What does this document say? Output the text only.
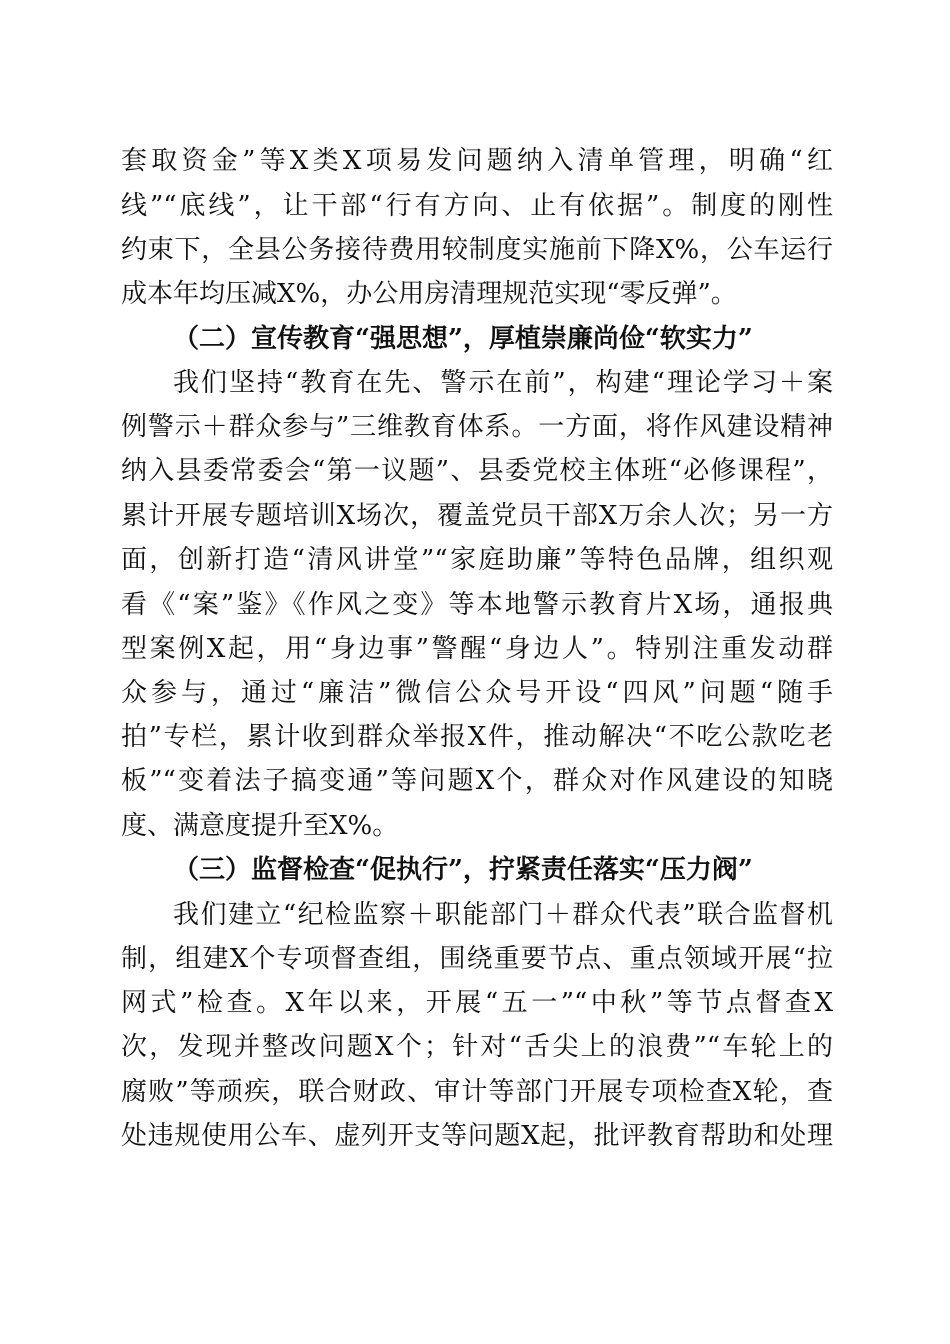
套取资金”等X类X项易发问题纳入清单管理，明确“红
线”“底线”，让干部“行有方向、止有依据”。制度的刚性
约束下，全县公务接待费用较制度实施前下降X%，公车运行
成本年均压减X%，办公用房清理规范实现“零反弹”。
（二）宣传教育“强思想”，厚植崇廉尚俭“软实力”
我们坚持“教育在先、警示在前”，构建“理论学习＋案
例警示＋群众参与”三维教育体系。一方面，将作风建设精神
纳入县委常委会“第一议题”、县委党校主体班“必修课程”，
累计开展专题培训X场次，覆盖党员干部X万余人次；另一方
面，创新打造“清风讲堂”“家庭助廉”等特色品牌，组织观
看《“案”鉴》《作风之变》等本地警示教育片X场，通报典
型案例X起，用“身边事”警醒“身边人”。特别注重发动群
众参与，通过“廉洁”微信公众号开设“四风”问题“随手
拍”专栏，累计收到群众举报X件，推动解决“不吃公款吃老
板”“变着法子搞变通”等问题X个，群众对作风建设的知晓
度、满意度提升至X%。
（三）监督检查“促执行”，拧紧责任落实“压力阀”
我们建立“纪检监察＋职能部门＋群众代表”联合监督机
制，组建X个专项督查组，围绕重要节点、重点领域开展“拉
网式”检查。X年以来，开展“五一”“中秋”等节点督查X
次，发现并整改问题X个；针对“舌尖上的浪费”“车轮上的
腐败”等顽疾，联合财政、审计等部门开展专项检查X轮，查
处违规使用公车、虚列开支等问题X起，批评教育帮助和处理
